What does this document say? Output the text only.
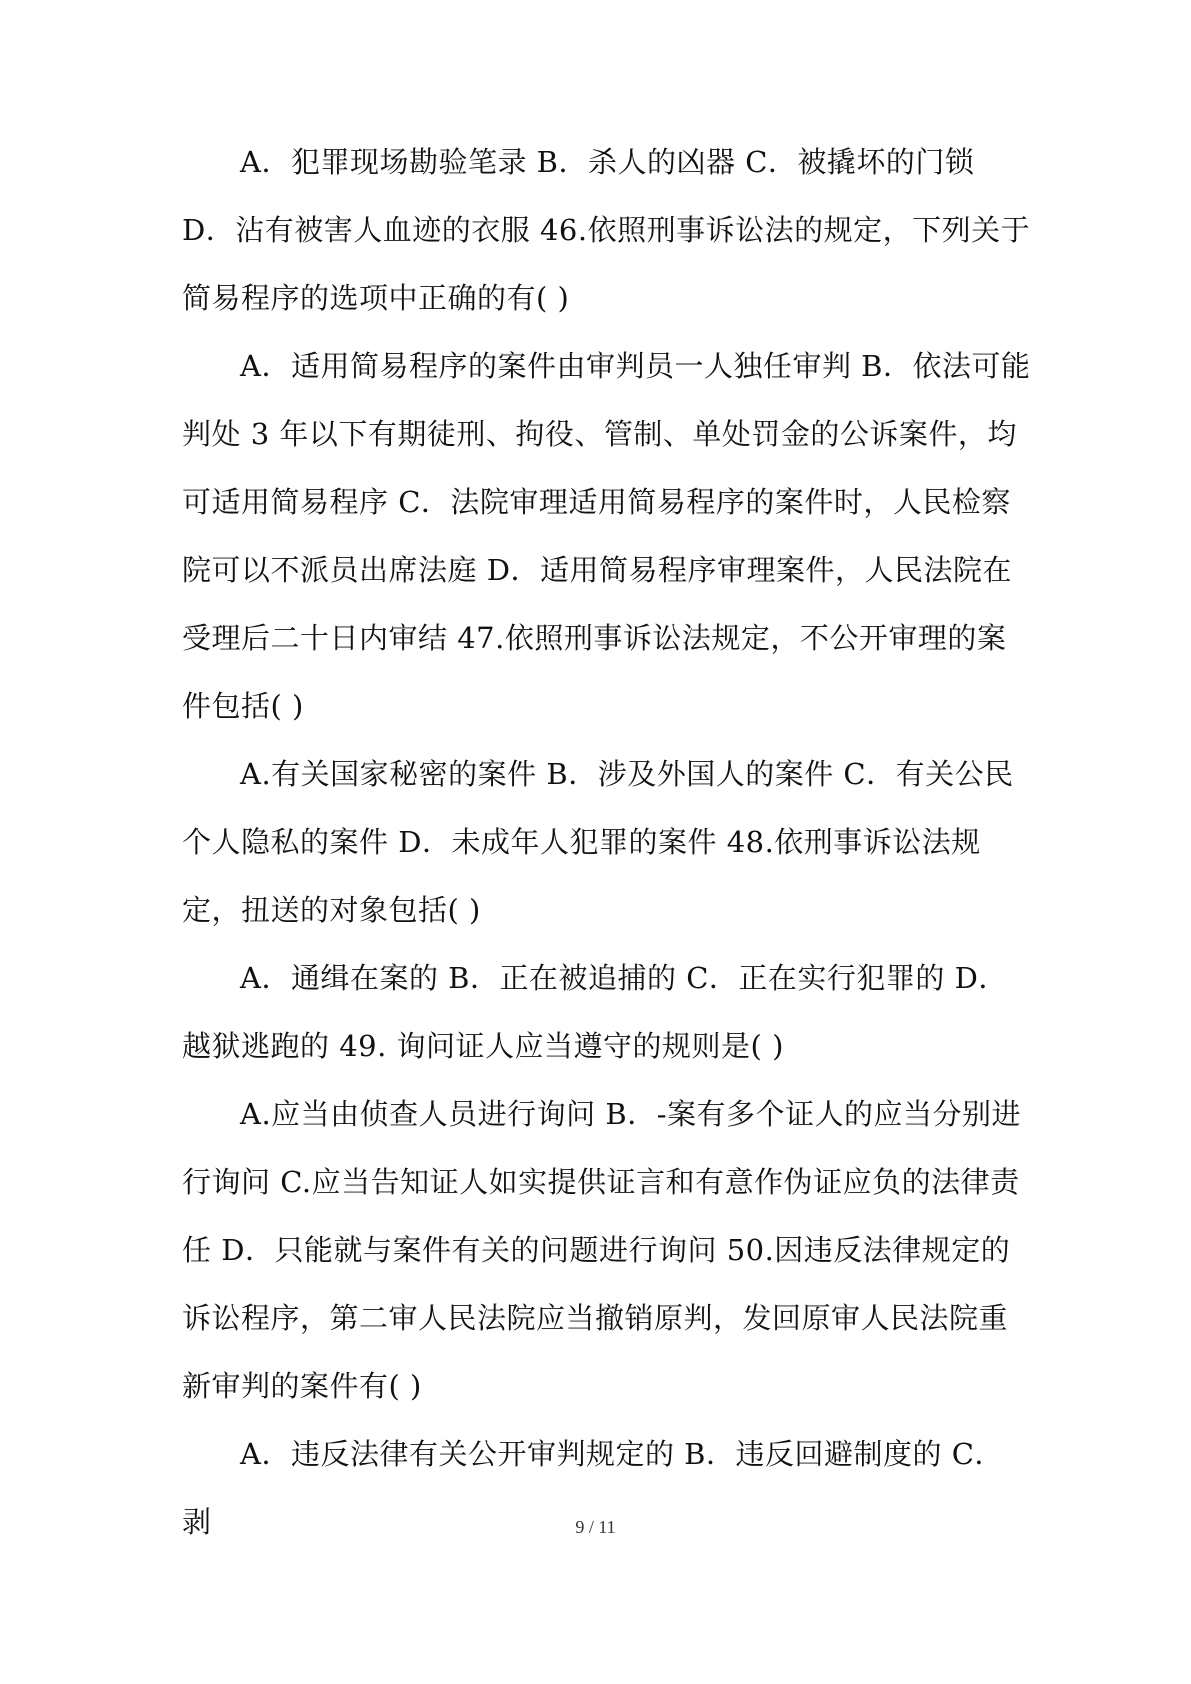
A．犯罪现场勘验笔录 B．杀人的凶器 C．被撬坏的门锁 D．沾有被害人血迹的衣服 46.依照刑事诉讼法的规定，下列关于简易程序的选项中正确的有( )

A．适用简易程序的案件由审判员一人独任审判 B．依法可能判处 3 年以下有期徒刑、拘役、管制、单处罚金的公诉案件，均可适用简易程序 C．法院审理适用简易程序的案件时，人民检察院可以不派员出席法庭 D．适用简易程序审理案件，人民法院在受理后二十日内审结 47.依照刑事诉讼法规定，不公开审理的案件包括( )

A.有关国家秘密的案件 B．涉及外国人的案件 C．有关公民个人隐私的案件 D．未成年人犯罪的案件 48.依刑事诉讼法规定，扭送的对象包括( )

A．通缉在案的 B．正在被追捕的 C．正在实行犯罪的 D．越狱逃跑的 49. 询问证人应当遵守的规则是( )

A.应当由侦查人员进行询问 B．-案有多个证人的应当分别进行询问 C.应当告知证人如实提供证言和有意作伪证应负的法律责任 D．只能就与案件有关的问题进行询问 50.因违反法律规定的诉讼程序，第二审人民法院应当撤销原判，发回原审人民法院重新审判的案件有( )

A．违反法律有关公开审判规定的 B．违反回避制度的 C．剥	9 / 11
